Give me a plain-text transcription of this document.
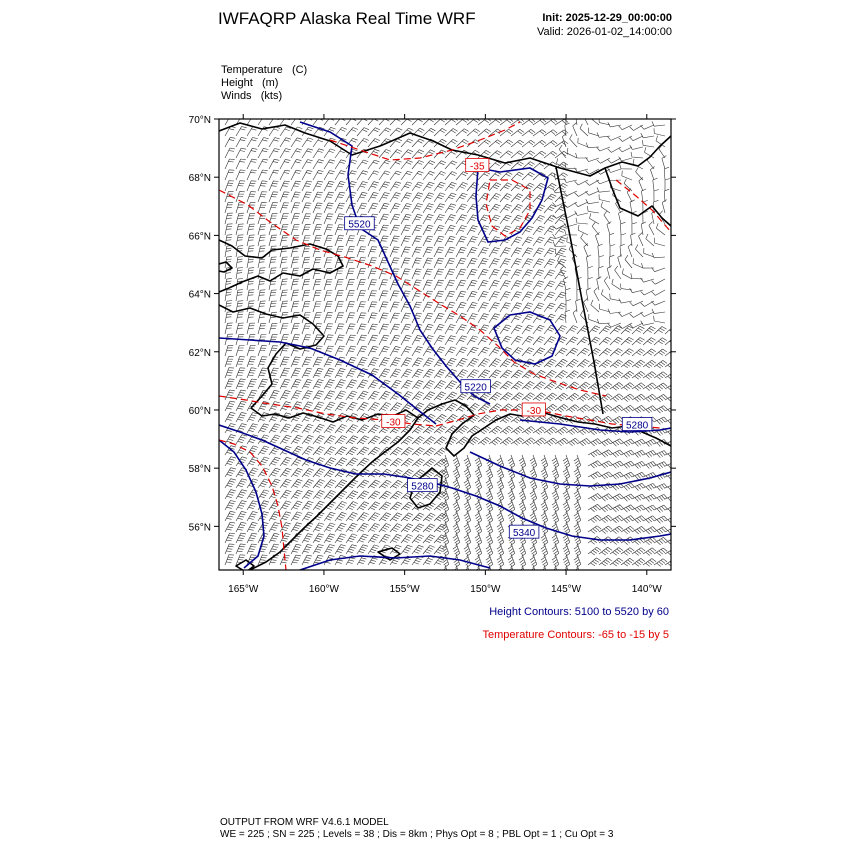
IWFAQRP Alaska Real Time WRF	Init: 2025-12-29_00:00:00
Valid: 2026-01-02_14:00:00
Temperature (C)
Height (m)
Winds (kts)
5520
5220
5280
5340
5280
-35
-30
-30
70°N
68°N
66°N
64°N
62°N
60°N
58°N
56°N
165°W	160°W	155°W	150°W	145°W	140°W
Height Contours: 5100 to 5520 by 60
Temperature Contours: -65 to -15 by 5
OUTPUT FROM WRF V4.6.1 MODEL
WE = 225 ; SN = 225 ; Levels = 38 ; Dis = 8km ; Phys Opt = 8 ; PBL Opt = 1 ; Cu Opt = 3
